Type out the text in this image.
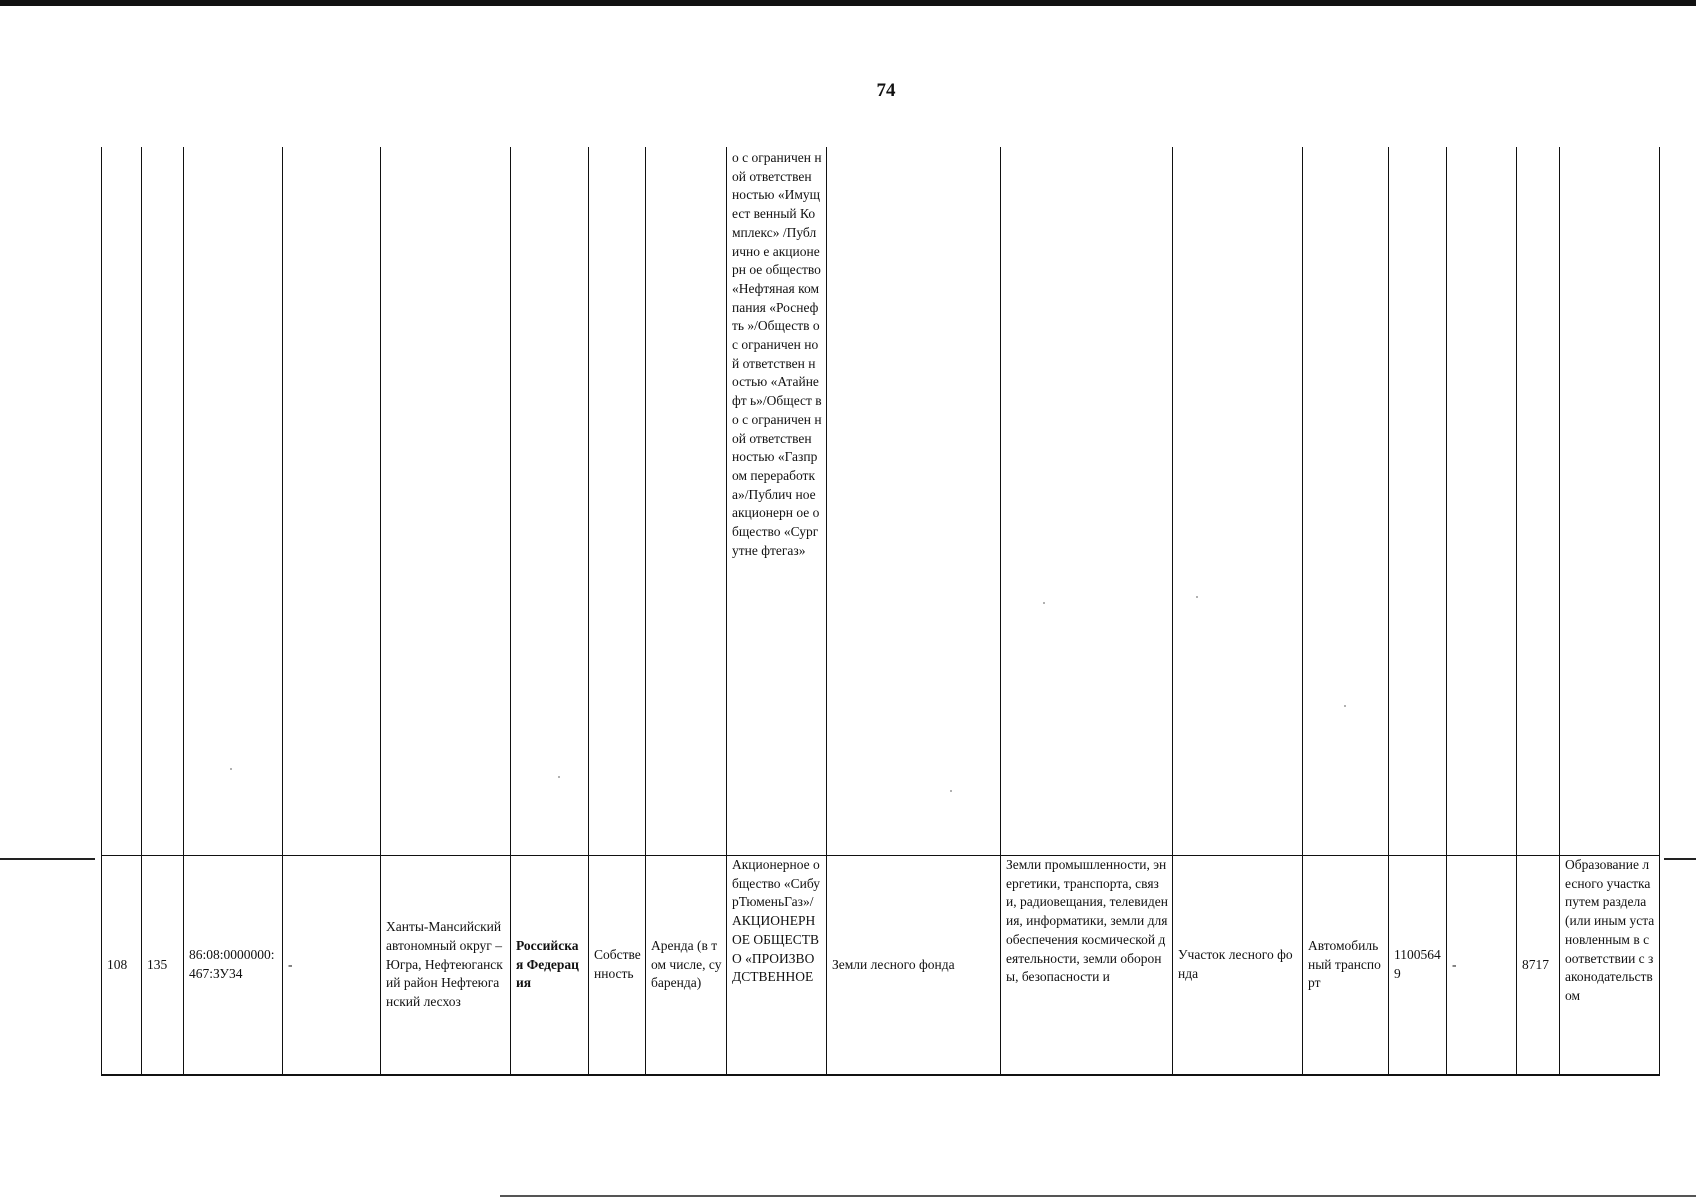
74
								о с ограничен ной ответствен ностью «Имущест венный Комплекс» /Публично е акционерн ое общество «Нефтяная компания «Роснефть »/Обществ о с ограничен ной ответствен ностью «Атайнефт ь»/Общест во с ограничен ной ответствен ностью «Газпром переработк а»/Публич ное акционерн ое общество «Сургутне фтегаз»								
108	135	86:08:0000000:467:ЗУ34	-	Ханты-Мансийский автономный округ – Югра, Нефтеюганский район Нефтеюганский лесхоз	Российская Федерация	Собственность	Аренда (в том числе, субаренда)	Акционерное общество «СибурТюменьГаз»/ АКЦИОНЕРНОЕ ОБЩЕСТВО «ПРОИЗВОДСТВЕННОЕ	Земли лесного фонда	Земли промышленности, энергетики, транспорта, связи, радиовещания, телевидения, информатики, земли для обеспечения космической деятельности, земли обороны, безопасности и	Участок лесного фонда	Автомобильный транспорт	11005649	-	8717	Образование лесного участка путем раздела (или иным установленным в соответствии с законодательством
